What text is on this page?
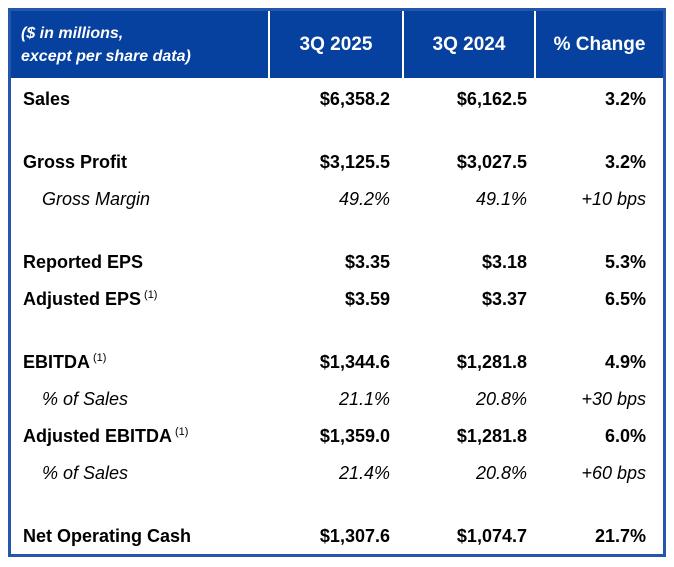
($ in millions,
except per share data)
3Q 2025	3Q 2024	% Change
Sales	$6,358.2	$6,162.5	3.2%
Gross Profit	$3,125.5	$3,027.5	3.2%
Gross Margin	49.2%	49.1%	+10 bps
Reported EPS	$3.35	$3.18	5.3%
Adjusted EPS $^{(1)}$	$3.59	$3.37	6.5%
EBITDA $^{(1)}$	$1,344.6	$1,281.8	4.9%
% of Sales	21.1%	20.8%	+30 bps
Adjusted EBITDA $^{(1)}$	$1,359.0	$1,281.8	6.0%
% of Sales	21.4%	20.8%	+60 bps
Net Operating Cash	$1,307.6	$1,074.7	21.7%
